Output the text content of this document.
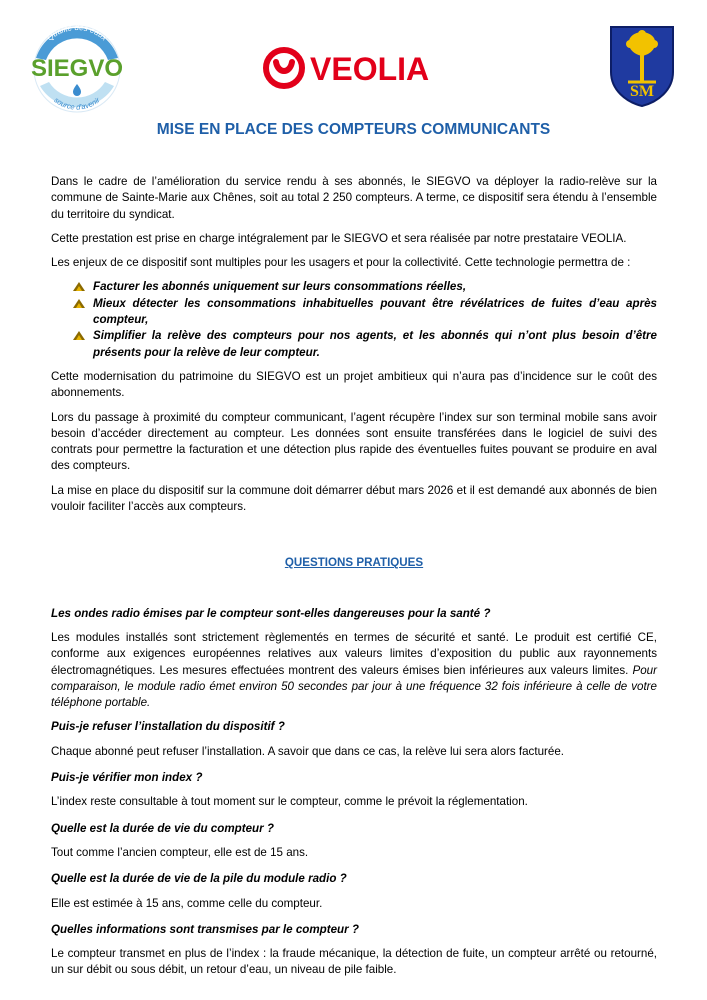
Qualité des eaux
source d'avenir
SIEGVO	VEOLIA
SM
MISE EN PLACE DES COMPTEURS COMMUNICANTS

Dans le cadre de l’amélioration du service rendu à ses abonnés, le SIEGVO va déployer la radio-relève sur la commune de Sainte-Marie aux Chênes, soit au total 2 250 compteurs. A terme, ce dispositif sera étendu à l’ensemble du territoire du syndicat.

Cette prestation est prise en charge intégralement par le SIEGVO et sera réalisée par notre prestataire VEOLIA.

Les enjeux de ce dispositif sont multiples pour les usagers et pour la collectivité. Cette technologie permettra de :

Facturer les abonnés uniquement sur leurs consommations réelles,
Mieux détecter les consommations inhabituelles pouvant être révélatrices de fuites d’eau après compteur,
Simplifier la relève des compteurs pour nos agents, et les abonnés qui n’ont plus besoin d’être présents pour la relève de leur compteur.

Cette modernisation du patrimoine du SIEGVO est un projet ambitieux qui n’aura pas d’incidence sur le coût des abonnements.

Lors du passage à proximité du compteur communicant, l’agent récupère l’index sur son terminal mobile sans avoir besoin d’accéder directement au compteur. Les données sont ensuite transférées dans le logiciel de suivi des contrats pour permettre la facturation et une détection plus rapide des éventuelles fuites pouvant se produire en aval des compteurs.

La mise en place du dispositif sur la commune doit démarrer début mars 2026 et il est demandé aux abonnés de bien vouloir faciliter l’accès aux compteurs.

QUESTIONS PRATIQUES

Les ondes radio émises par le compteur sont-elles dangereuses pour la santé ?

Les modules installés sont strictement règlementés en termes de sécurité et santé. Le produit est certifié CE, conforme aux exigences européennes relatives aux valeurs limites d’exposition du public aux rayonnements électromagnétiques. Les mesures effectuées montrent des valeurs émises bien inférieures aux valeurs limites. Pour comparaison, le module radio émet environ 50 secondes par jour à une fréquence 32 fois inférieure à celle de votre téléphone portable.

Puis-je refuser l’installation du dispositif ?

Chaque abonné peut refuser l’installation. A savoir que dans ce cas, la relève lui sera alors facturée.

Puis-je vérifier mon index ?

L’index reste consultable à tout moment sur le compteur, comme le prévoit la réglementation.

Quelle est la durée de vie du compteur ?

Tout comme l’ancien compteur, elle est de 15 ans.

Quelle est la durée de vie de la pile du module radio ?

Elle est estimée à 15 ans, comme celle du compteur.

Quelles informations sont transmises par le compteur ?

Le compteur transmet en plus de l’index : la fraude mécanique, la détection de fuite, un compteur arrêté ou retourné, un sur débit ou sous débit, un retour d’eau, un niveau de pile faible.
